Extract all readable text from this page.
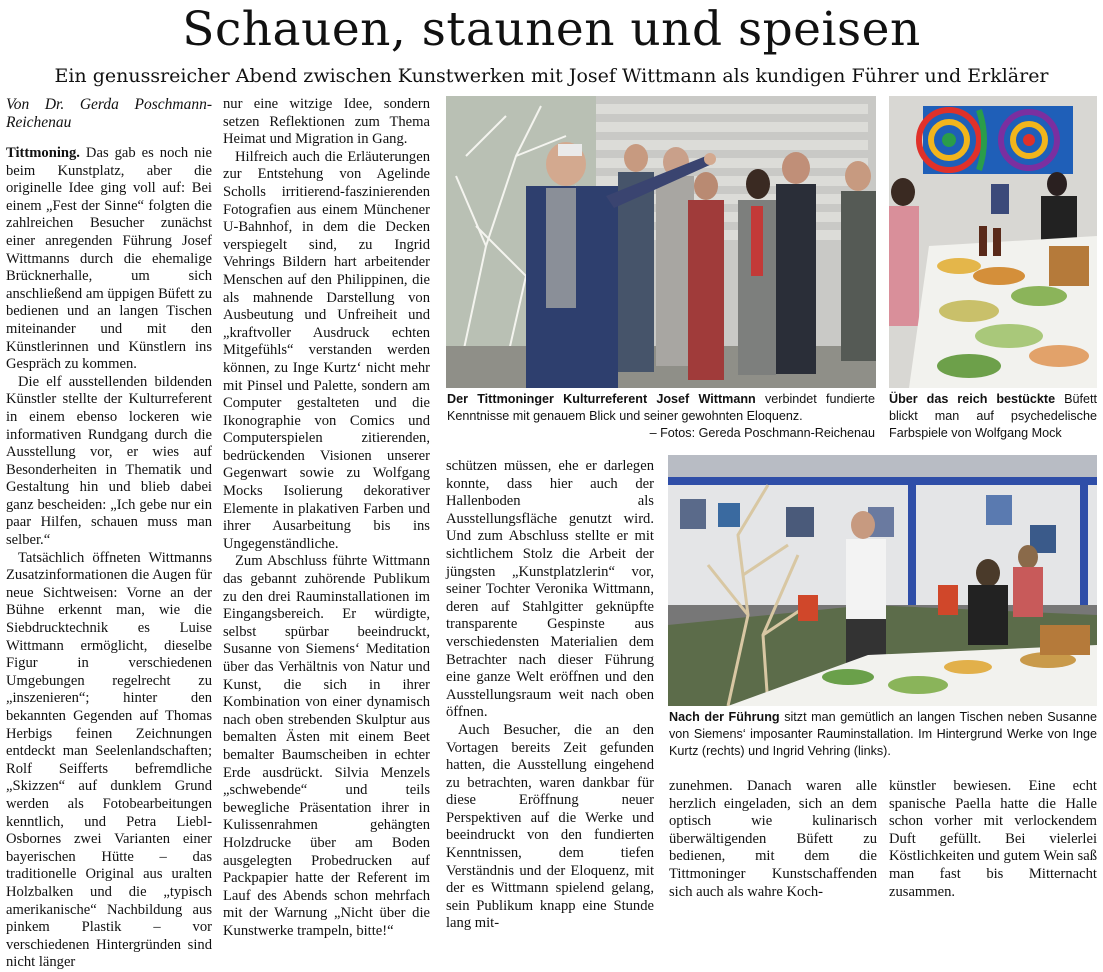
Schauen, staunen und speisen
Ein genussreicher Abend zwischen Kunstwerken mit Josef Wittmann als kundigen Führer und Erklärer

Von Dr. Gerda Poschmann-Reichenau

Tittmoning. Das gab es noch nie beim Kunstplatz, aber die originelle Idee ging voll auf: Bei einem „Fest der Sinne“ folgten die zahlreichen Besucher zunächst einer anregenden Führung Josef Wittmanns durch die ehemalige Brücknerhalle, um sich anschließend am üppigen Büfett zu bedienen und an langen Tischen miteinander und mit den Künstlerinnen und Künstlern ins Gespräch zu kommen.

Die elf ausstellenden bildenden Künstler stellte der Kulturreferent in einem ebenso lockeren wie informativen Rundgang durch die Ausstellung vor, er wies auf Besonderheiten in Thematik und Gestaltung hin und blieb dabei ganz bescheiden: „Ich gebe nur ein paar Hilfen, schauen muss man selber.“

Tatsächlich öffneten Wittmanns Zusatzinformationen die Augen für neue Sichtweisen: Vorne an der Bühne erkennt man, wie die Siebdrucktechnik es Luise Wittmann ermöglicht, dieselbe Figur in verschiedenen Umgebungen regelrecht zu „inszenieren“; hinter den bekannten Gegenden auf Thomas Herbigs feinen Zeichnungen entdeckt man Seelenlandschaften; Rolf Seifferts befremdliche „Skizzen“ auf dunklem Grund werden als Fotobearbeitungen kenntlich, und Petra Liebl-Osbornes zwei Varianten einer bayerischen Hütte – das traditionelle Original aus uralten Holzbalken und die „typisch amerikanische“ Nachbildung aus pinkem Plastik – vor verschiedenen Hintergründen sind nicht länger

nur eine witzige Idee, sondern setzen Reflektionen zum Thema Heimat und Migration in Gang.

Hilfreich auch die Erläuterungen zur Entstehung von Agelinde Scholls irritierend-faszinierenden Fotografien aus einem Münchener U-Bahnhof, in dem die Decken verspiegelt sind, zu Ingrid Vehrings Bildern hart arbeitender Menschen auf den Philippinen, die als mahnende Darstellung von Ausbeutung und Unfreiheit und „kraftvoller Ausdruck echten Mitgefühls“ verstanden werden können, zu Inge Kurtz‘ nicht mehr mit Pinsel und Palette, sondern am Computer gestalteten und die Ikonographie von Comics und Computerspielen zitierenden, bedrückenden Visionen unserer Gegenwart sowie zu Wolfgang Mocks Isolierung dekorativer Elemente in plakativen Farben und ihrer Ausarbeitung bis ins Ungegenständliche.

Zum Abschluss führte Wittmann das gebannt zuhörende Publikum zu den drei Rauminstallationen im Eingangsbereich. Er würdigte, selbst spürbar beeindruckt, Susanne von Siemens‘ Meditation über das Verhältnis von Natur und Kunst, die sich in ihrer Kombination von einer dynamisch nach oben strebenden Skulptur aus bemalten Ästen mit einem Beet bemalter Baumscheiben in echter Erde ausdrückt. Silvia Menzels „schwebende“ und teils bewegliche Präsentation ihrer in Kulissenrahmen gehängten Holzdrucke über am Boden ausgelegten Probedrucken auf Packpapier hatte der Referent im Lauf des Abends schon mehrfach mit der Warnung „Nicht über die Kunstwerke trampeln, bitte!“

Der Tittmoninger Kulturreferent Josef Wittmann verbindet fundierte Kenntnisse mit genauem Blick und seiner gewohnten Eloquenz.
– Fotos: Gereda Poschmann-Reichenau
Über das reich bestückte Büfett blickt man auf psychedelische Farbspiele von Wolfgang Mock

schützen müssen, ehe er darlegen konnte, dass hier auch der Hallenboden als Ausstellungsfläche genutzt wird. Und zum Abschluss stellte er mit sichtlichem Stolz die Arbeit der jüngsten „Kunstplatzlerin“ vor, seiner Tochter Veronika Wittmann, deren auf Stahlgitter geknüpfte transparente Gespinste aus verschiedensten Materialien dem Betrachter nach dieser Führung eine ganze Welt eröffnen und den Ausstellungsraum weit nach oben öffnen.

Auch Besucher, die an den Vortagen bereits Zeit gefunden hatten, die Ausstellung eingehend zu betrachten, waren dankbar für diese Eröffnung neuer Perspektiven auf die Werke und beeindruckt von den fundierten Kenntnissen, dem tiefen Verständnis und der Eloquenz, mit der es Wittmann spielend gelang, sein Publikum knapp eine Stunde lang mit-

Nach der Führung sitzt man gemütlich an langen Tischen neben Susanne von Siemens‘ imposanter Rauminstallation. Im Hintergrund Werke von Inge Kurtz (rechts) und Ingrid Vehring (links).

zunehmen. Danach waren alle herzlich eingeladen, sich an dem optisch wie kulinarisch überwältigenden Büfett zu bedienen, mit dem die Tittmoninger Kunstschaffenden sich auch als wahre Koch-

künstler bewiesen. Eine echt spanische Paella hatte die Halle schon vorher mit verlockendem Duft gefüllt. Bei vielerlei Köstlichkeiten und gutem Wein saß man fast bis Mitternacht zusammen.
